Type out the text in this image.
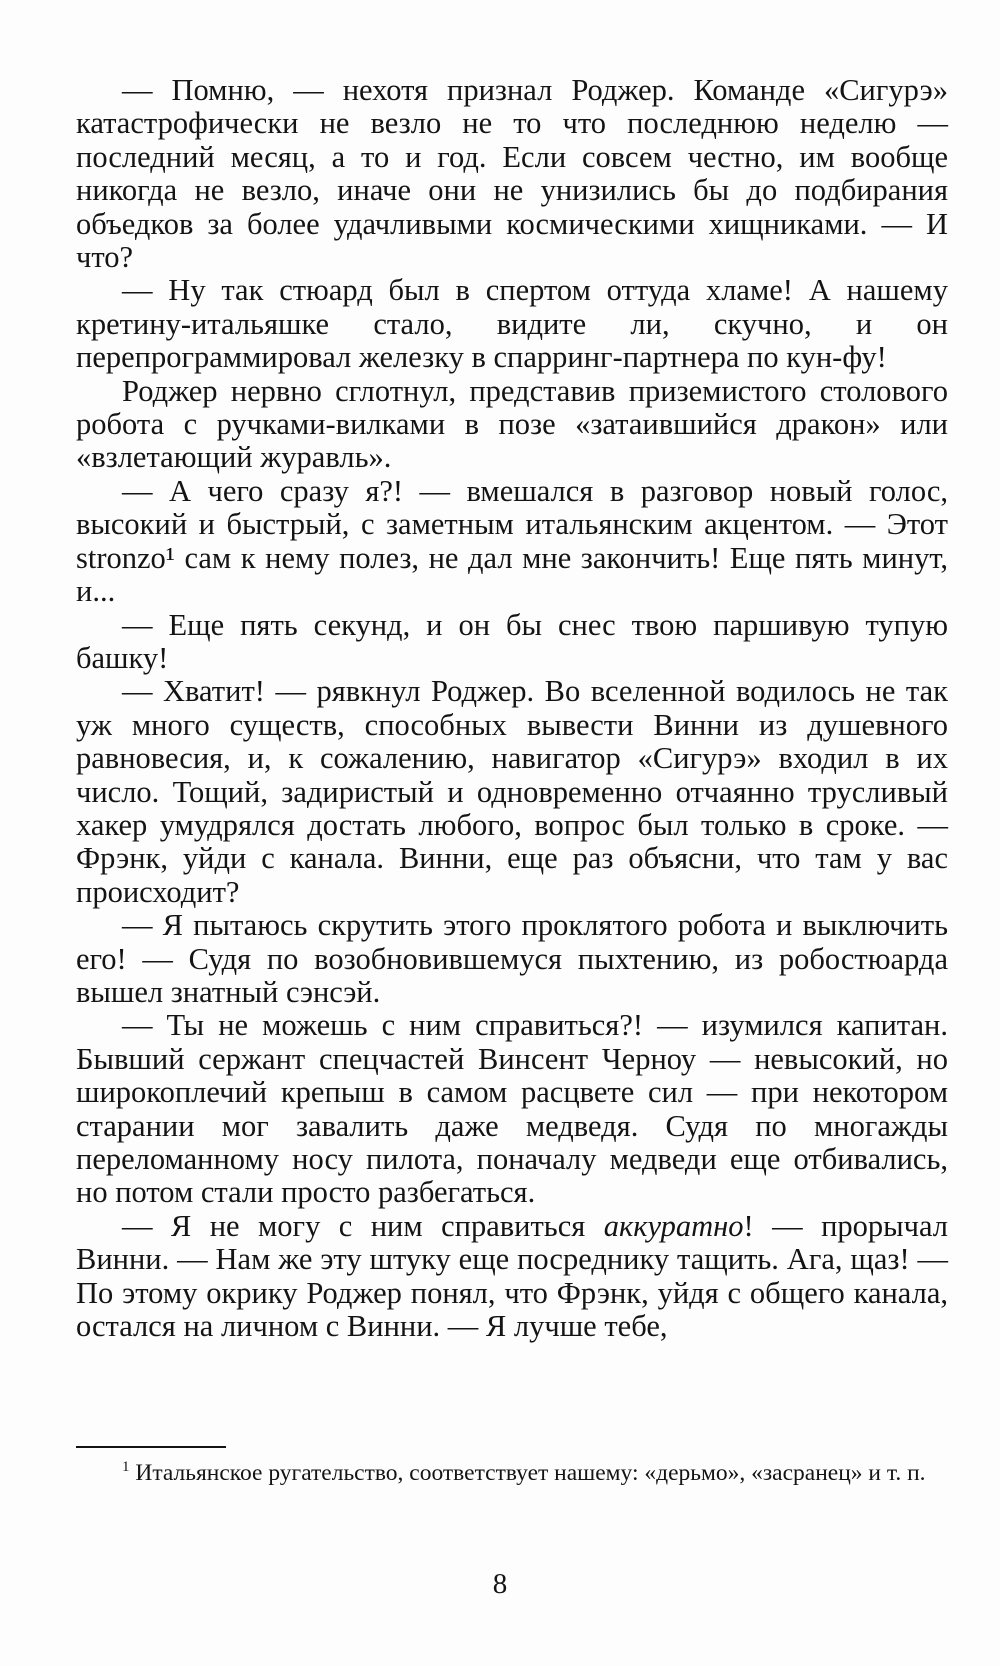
— Помню, — нехотя признал Роджер. Команде «Сигурэ» катастрофически не везло не то что последнюю неделю — последний месяц, а то и год. Если совсем честно, им вообще никогда не везло, иначе они не унизились бы до подбирания объедков за более удачливыми космическими хищниками. — И что?

— Ну так стюард был в спертом оттуда хламе! А нашему кретину-итальяшке стало, видите ли, скучно, и он перепрограммировал железку в спарринг-партнера по кун-фу!

Роджер нервно сглотнул, представив приземистого столового робота с ручками-вилками в позе «затаившийся дракон» или «взлетающий журавль».

— А чего сразу я?! — вмешался в разговор новый голос, высокий и быстрый, с заметным итальянским акцентом. — Этот stronzo¹ сам к нему полез, не дал мне закончить! Еще пять минут, и...

— Еще пять секунд, и он бы снес твою паршивую тупую башку!

— Хватит! — рявкнул Роджер. Во вселенной водилось не так уж много существ, способных вывести Винни из душевного равновесия, и, к сожалению, навигатор «Сигурэ» входил в их число. Тощий, задиристый и одновременно отчаянно трусливый хакер умудрялся достать любого, вопрос был только в сроке. — Фрэнк, уйди с канала. Винни, еще раз объясни, что там у вас происходит?

— Я пытаюсь скрутить этого проклятого робота и выключить его! — Судя по возобновившемуся пыхтению, из робостюарда вышел знатный сэнсэй.

— Ты не можешь с ним справиться?! — изумился капитан. Бывший сержант спецчастей Винсент Черноу — невысокий, но широкоплечий крепыш в самом расцвете сил — при некотором старании мог завалить даже медведя. Судя по многажды переломанному носу пилота, поначалу медведи еще отбивались, но потом стали просто разбегаться.

— Я не могу с ним справиться аккуратно! — прорычал Винни. — Нам же эту штуку еще посреднику тащить. Ага, щаз! — По этому окрику Роджер понял, что Фрэнк, уйдя с общего канала, остался на личном с Винни. — Я лучше тебе,

$^1$ Итальянское ругательство, соответствует нашему: «дерьмо», «засранец» и т. п.
8
